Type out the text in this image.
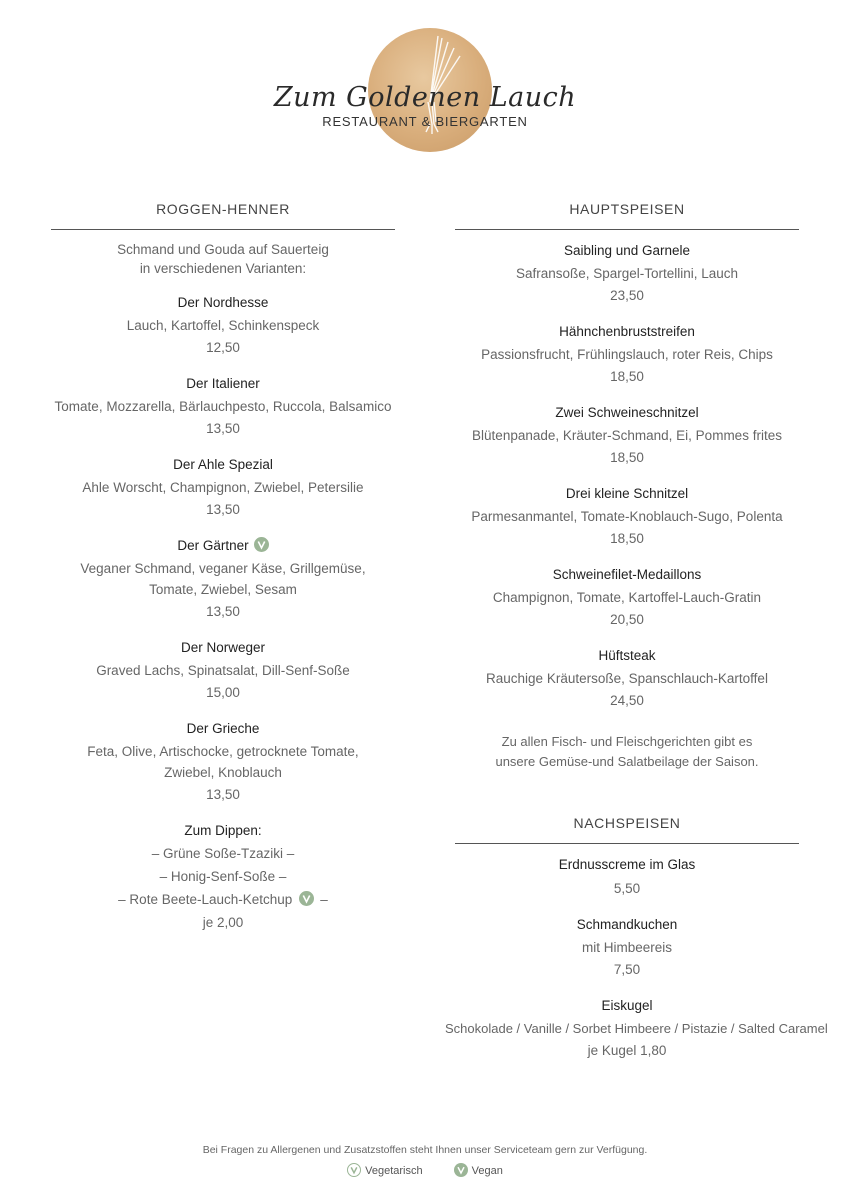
Zum Goldenen Lauch
RESTAURANT & BIERGARTEN
ROGGEN-HENNER
Schmand und Gouda auf Sauerteig
in verschiedenen Varianten:
Der Nordhesse
Lauch, Kartoffel, Schinkenspeck
12,50
Der Italiener
Tomate, Mozzarella, Bärlauchpesto, Ruccola, Balsamico
13,50
Der Ahle Spezial
Ahle Worscht, Champignon, Zwiebel, Petersilie
13,50
Der Gärtner
Veganer Schmand, veganer Käse, Grillgemüse,
Tomate, Zwiebel, Sesam
13,50
Der Norweger
Graved Lachs, Spinatsalat, Dill-Senf-Soße
15,00
Der Grieche
Feta, Olive, Artischocke, getrocknete Tomate,
Zwiebel, Knoblauch
13,50
Zum Dippen:
– Grüne Soße-Tzaziki –
– Honig-Senf-Soße –
– Rote Beete-Lauch-Ketchup –
je 2,00
HAUPTSPEISEN
Saibling und Garnele
Safransoße, Spargel-Tortellini, Lauch
23,50
Hähnchenbruststreifen
Passionsfrucht, Frühlingslauch, roter Reis, Chips
18,50
Zwei Schweineschnitzel
Blütenpanade, Kräuter-Schmand, Ei, Pommes frites
18,50
Drei kleine Schnitzel
Parmesanmantel, Tomate-Knoblauch-Sugo, Polenta
18,50
Schweinefilet-Medaillons
Champignon, Tomate, Kartoffel-Lauch-Gratin
20,50
Hüftsteak
Rauchige Kräutersoße, Spanschlauch-Kartoffel
24,50
Zu allen Fisch- und Fleischgerichten gibt es
unsere Gemüse-und Salatbeilage der Saison.
NACHSPEISEN
Erdnusscreme im Glas
5,50
Schmandkuchen
mit Himbeereis
7,50
Eiskugel
Schokolade / Vanille / Sorbet Himbeere / Pistazie / Salted Caramel
je Kugel 1,80
Bei Fragen zu Allergenen und Zusatzstoffen steht Ihnen unser Serviceteam gern zur Verfügung.
Vegetarisch	Vegan
